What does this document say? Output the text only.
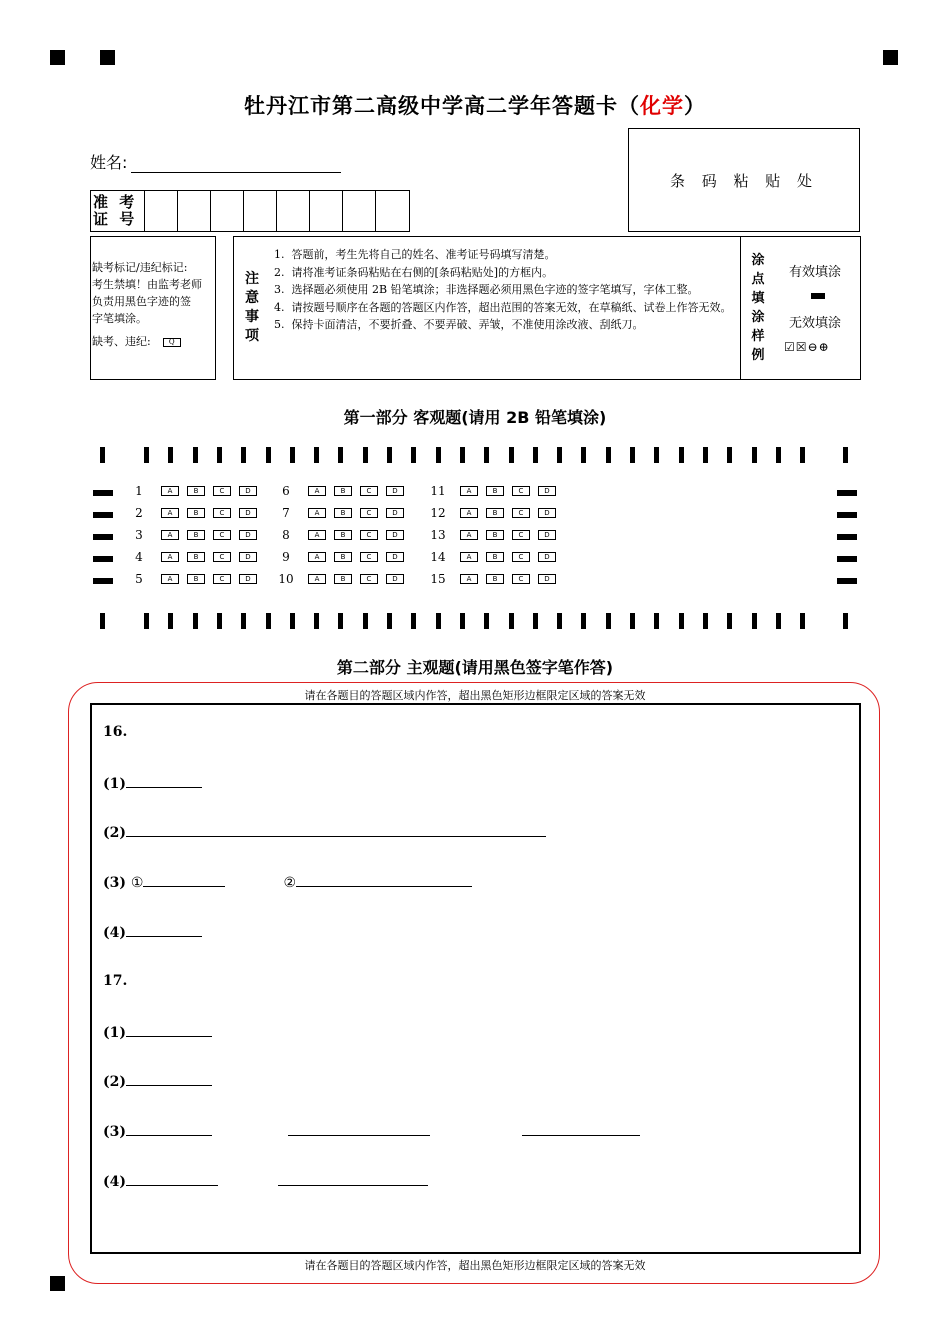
牡丹江市第二高级中学高二学年答题卡（化学）
姓名:
条 码 粘 贴 处
准 考
证 号
缺考标记/违纪标记:
考生禁填！由监考老师
负责用黑色字迹的签
字笔填涂。
缺考、违纪:	Q
注
意
事
项
1.  答题前，考生先将自己的姓名、准考证号码填写清楚。
2.  请将准考证条码粘贴在右侧的[条码粘贴处]的方框内。
3.  选择题必须使用 2B 铅笔填涂；非选择题必须用黑色字迹的签字笔填写，字体工整。
4.  请按题号顺序在各题的答题区内作答，超出范围的答案无效，在草稿纸、试卷上作答无效。
5.  保持卡面清洁，不要折叠、不要弄破、弄皱，不准使用涂改液、刮纸刀。
涂
点
填
涂
样
例
有效填涂
无效填涂
☑☒⊖⊕
第一部分 客观题(请用 2B 铅笔填涂)
1	A	B	C	D
2	A	B	C	D
3	A	B	C	D
4	A	B	C	D
5	A	B	C	D
6	A	B	C	D
7	A	B	C	D
8	A	B	C	D
9	A	B	C	D
10	A	B	C	D
11	A	B	C	D
12	A	B	C	D
13	A	B	C	D
14	A	B	C	D
15	A	B	C	D
第二部分 主观题(请用黑色签字笔作答)
请在各题目的答题区域内作答，超出黑色矩形边框限定区域的答案无效
请在各题目的答题区域内作答，超出黑色矩形边框限定区域的答案无效
16.
(1)
(2)
(3) ①	②
(4)
17.
(1)
(2)
(3)
(4)
